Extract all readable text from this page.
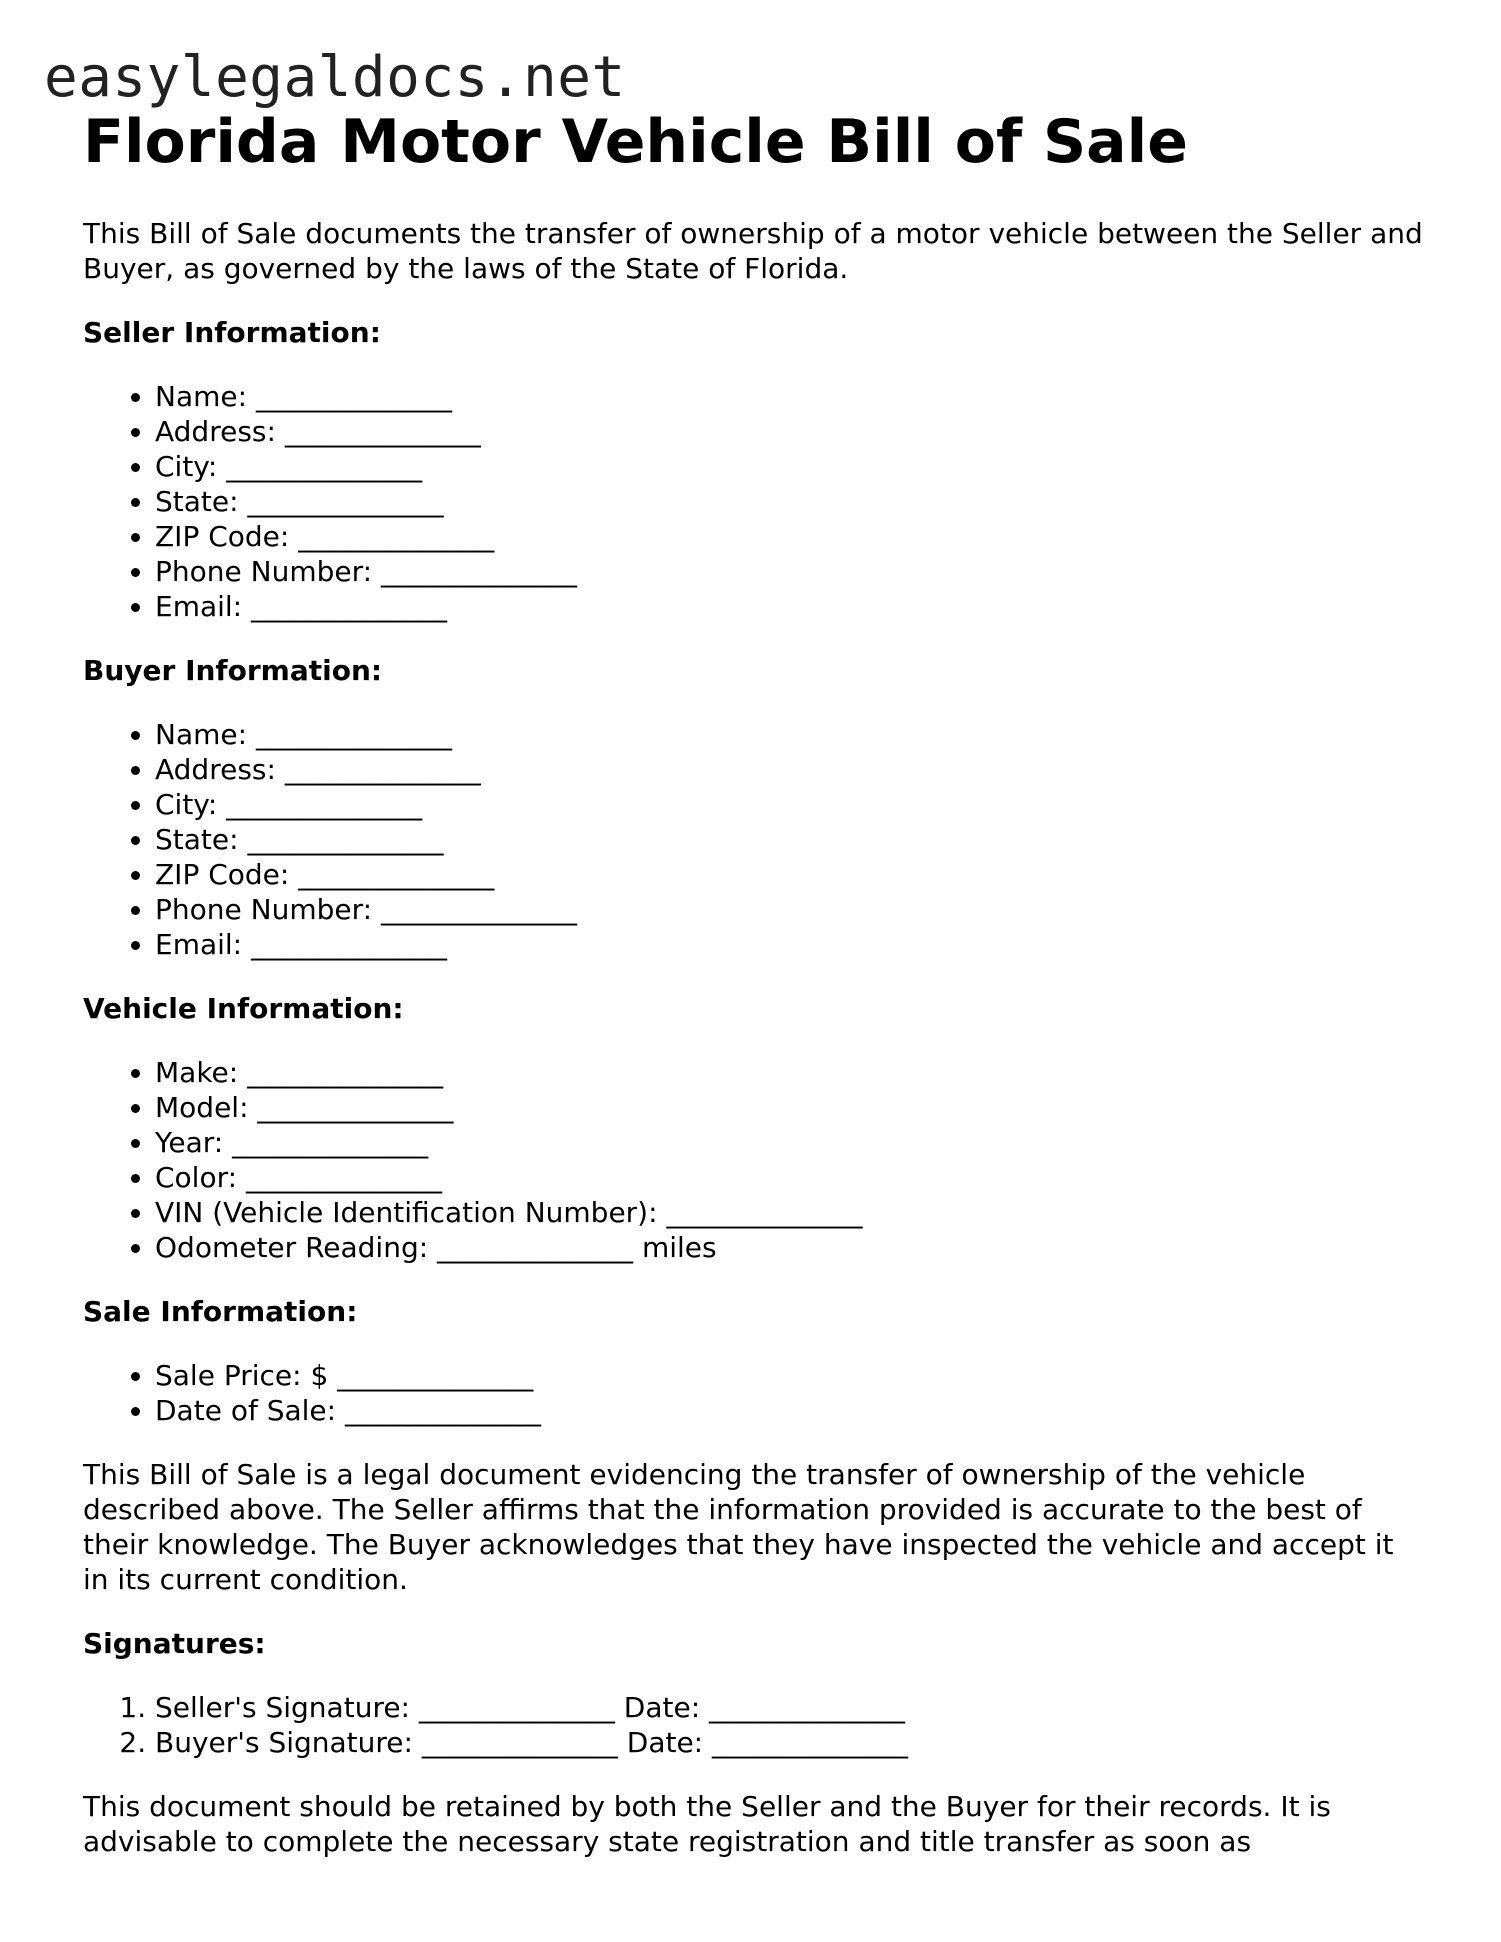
easylegaldocs.net
Florida Motor Vehicle Bill of Sale

This Bill of Sale documents the transfer of ownership of a motor vehicle between the Seller and Buyer, as governed by the laws of the State of Florida.

Seller Information:
• Name: ______________
• Address: ______________
• City: ______________
• State: ______________
• ZIP Code: ______________
• Phone Number: ______________
• Email: ______________
Buyer Information:
• Name: ______________
• Address: ______________
• City: ______________
• State: ______________
• ZIP Code: ______________
• Phone Number: ______________
• Email: ______________
Vehicle Information:
• Make: ______________
• Model: ______________
• Year: ______________
• Color: ______________
• VIN (Vehicle Identification Number): ______________
• Odometer Reading: ______________ miles
Sale Information:
• Sale Price: $ ______________
• Date of Sale: ______________

This Bill of Sale is a legal document evidencing the transfer of ownership of the vehicle described above. The Seller affirms that the information provided is accurate to the best of their knowledge. The Buyer acknowledges that they have inspected the vehicle and accept it in its current condition.

Signatures:
1. Seller's Signature: ______________ Date: ______________
2. Buyer's Signature: ______________ Date: ______________

This document should be retained by both the Seller and the Buyer for their records. It is advisable to complete the necessary state registration and title transfer as soon as
